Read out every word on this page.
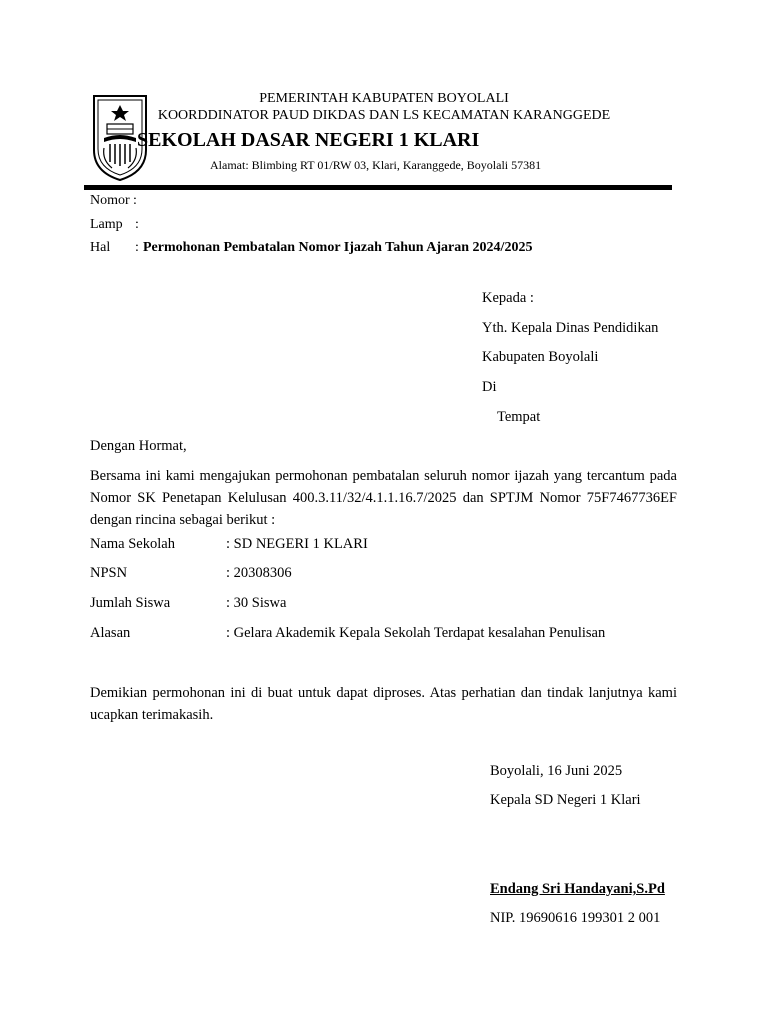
PEMERINTAH KABUPATEN BOYOLALI
KOORDDINATOR PAUD DIKDAS DAN LS KECAMATAN KARANGGEDE
SEKOLAH DASAR NEGERI 1 KLARI
Alamat: Blimbing RT 01/RW 03, Klari, Karanggede, Boyolali 57381
Nomor :
Lamp :
Hal : Permohonan Pembatalan Nomor Ijazah Tahun Ajaran 2024/2025
Kepada :
Yth. Kepala Dinas Pendidikan
Kabupaten Boyolali
Di
Tempat
Dengan Hormat,
Bersama ini kami mengajukan permohonan pembatalan seluruh nomor ijazah yang tercantum pada Nomor SK Penetapan Kelulusan 400.3.11/32/4.1.1.16.7/2025 dan SPTJM Nomor 75F7467736EF dengan rincina sebagai berikut :
Nama Sekolah	: SD NEGERI 1 KLARI
NPSN	: 20308306
Jumlah Siswa	: 30 Siswa
Alasan	: Gelara Akademik Kepala Sekolah Terdapat kesalahan Penulisan
Demikian permohonan ini di buat untuk dapat diproses. Atas perhatian dan tindak lanjutnya kami ucapkan terimakasih.
Boyolali, 16 Juni 2025
Kepala SD Negeri 1 Klari
Endang Sri Handayani,S.Pd
NIP. 19690616 199301 2 001
